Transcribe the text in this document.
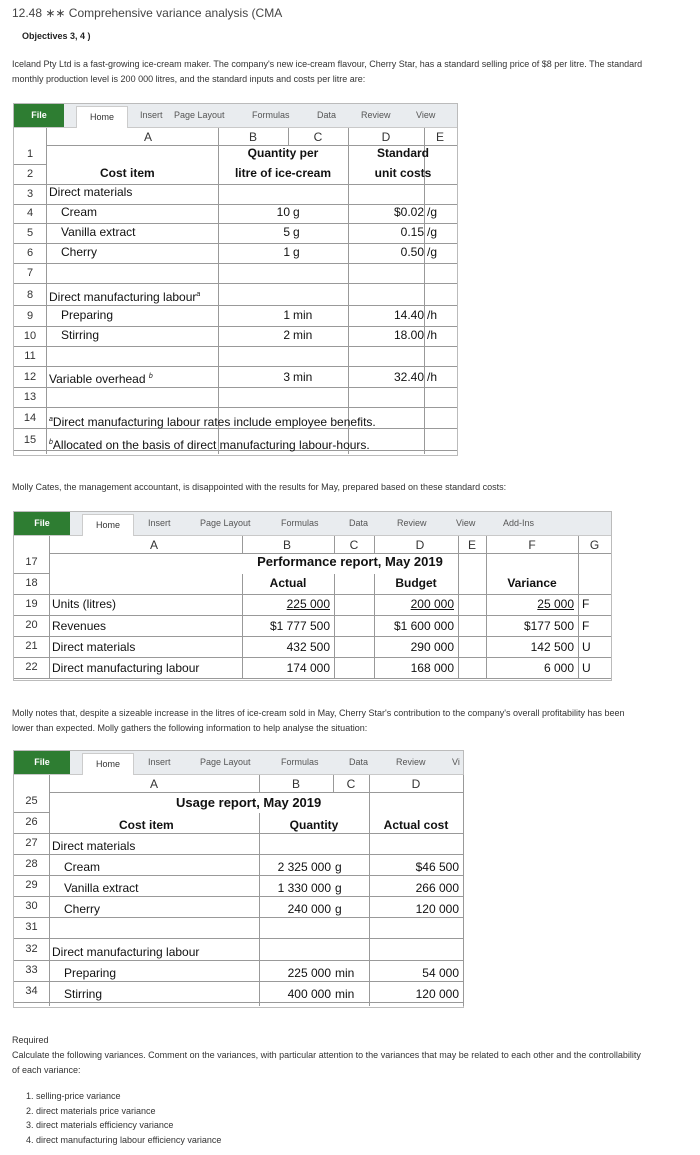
12.48 ∗∗ Comprehensive variance analysis (CMA
Objectives 3, 4 )
Iceland Pty Ltd is a fast-growing ice-cream maker. The company's new ice-cream flavour, Cherry Star, has a standard selling price of $8 per litre. The standard
monthly production level is 200 000 litres, and the standard inputs and costs per litre are:
File	Home	Insert Page Layout	Formulas	Data	Review	View
A	B	C	D	E
1
2
3
4
5
6
7
8
9
10
11
12
13
14
15
Quantity per
litre of ice-cream
Standard
unit costs
Cost item
Direct materials
Cream	10 g	$0.02 /g
Vanilla extract	5 g	0.15 /g
Cherry	1 g	0.50 /g
Direct manufacturing labour$^a$
Preparing	1 min	14.40 /h
Stirring	2 min	18.00 /h
Variable overhead $^b$	3 min	32.40 /h
$^a$Direct manufacturing labour rates include employee benefits.
$^b$Allocated on the basis of direct manufacturing labour-hours.
Molly Cates, the management accountant, is disappointed with the results for May, prepared based on these standard costs:
File	Home	Insert	Page Layout	Formulas	Data	Review	View	Add-Ins
A	B	C	D	E	F	G
17
18
19
20
21
22
Performance report, May 2019
Actual	Budget	Variance
Units (litres)	225 000	200 000	25 000 F
Revenues	$1 777 500	$1 600 000	$177 500 F
Direct materials	432 500	290 000	142 500 U
Direct manufacturing labour	174 000	168 000	6 000 U
Molly notes that, despite a sizeable increase in the litres of ice-cream sold in May, Cherry Star's contribution to the company's overall profitability has been
lower than expected. Molly gathers the following information to help analyse the situation:
File	Home	Insert	Page Layout	Formulas	Data	Review	Vi
A	B	C	D
25
26
27
28
29
30
31
32
33
34
Usage report, May 2019
Cost item	Quantity	Actual cost
Direct materials
Cream	2 325 000 g	$46 500
Vanilla extract	1 330 000 g	266 000
Cherry	240 000 g	120 000
Direct manufacturing labour
Preparing	225 000 min	54 000
Stirring	400 000 min	120 000
Required
Calculate the following variances. Comment on the variances, with particular attention to the variances that may be related to each other and the controllability
of each variance:
1. selling-price variance
2. direct materials price variance
3. direct materials efficiency variance
4. direct manufacturing labour efficiency variance
